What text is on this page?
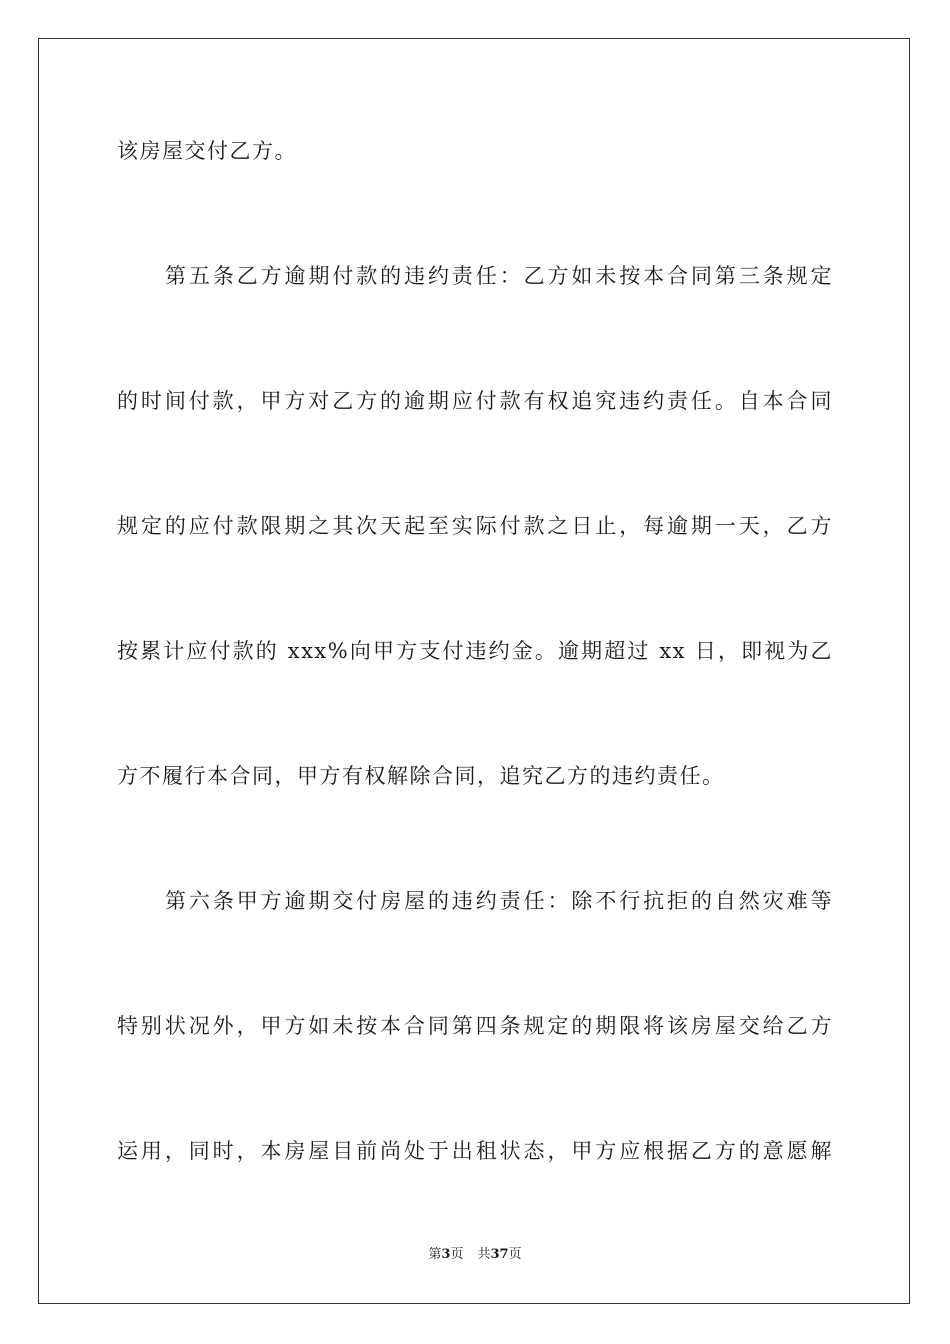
该房屋交付乙方。
第五条乙方逾期付款的违约责任：乙方如未按本合同第三条规定
的时间付款，甲方对乙方的逾期应付款有权追究违约责任。自本合同
规定的应付款限期之其次天起至实际付款之日止，每逾期一天，乙方
按累计应付款的 xxx%向甲方支付违约金。逾期超过 xx 日，即视为乙
方不履行本合同，甲方有权解除合同，追究乙方的违约责任。
第六条甲方逾期交付房屋的违约责任：除不行抗拒的自然灾难等
特别状况外，甲方如未按本合同第四条规定的期限将该房屋交给乙方
运用，同时，本房屋目前尚处于出租状态，甲方应根据乙方的意愿解
第3页 共37页
